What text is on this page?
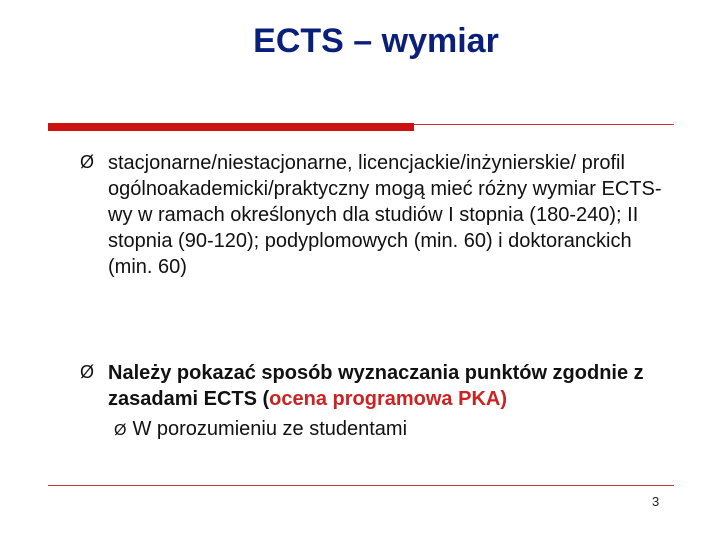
ECTS – wymiar
Ø stacjonarne/niestacjonarne, licencjackie/inżynierskie/ profil ogólnoakademicki/praktyczny mogą mieć różny wymiar ECTS-wy w ramach określonych dla studiów I stopnia (180-240); II stopnia (90-120); podyplomowych (min. 60) i doktoranckich (min. 60)
Ø Należy pokazać sposób wyznaczania punktów zgodnie z zasadami ECTS (ocena programowa PKA)
Ø W porozumieniu ze studentami
3
